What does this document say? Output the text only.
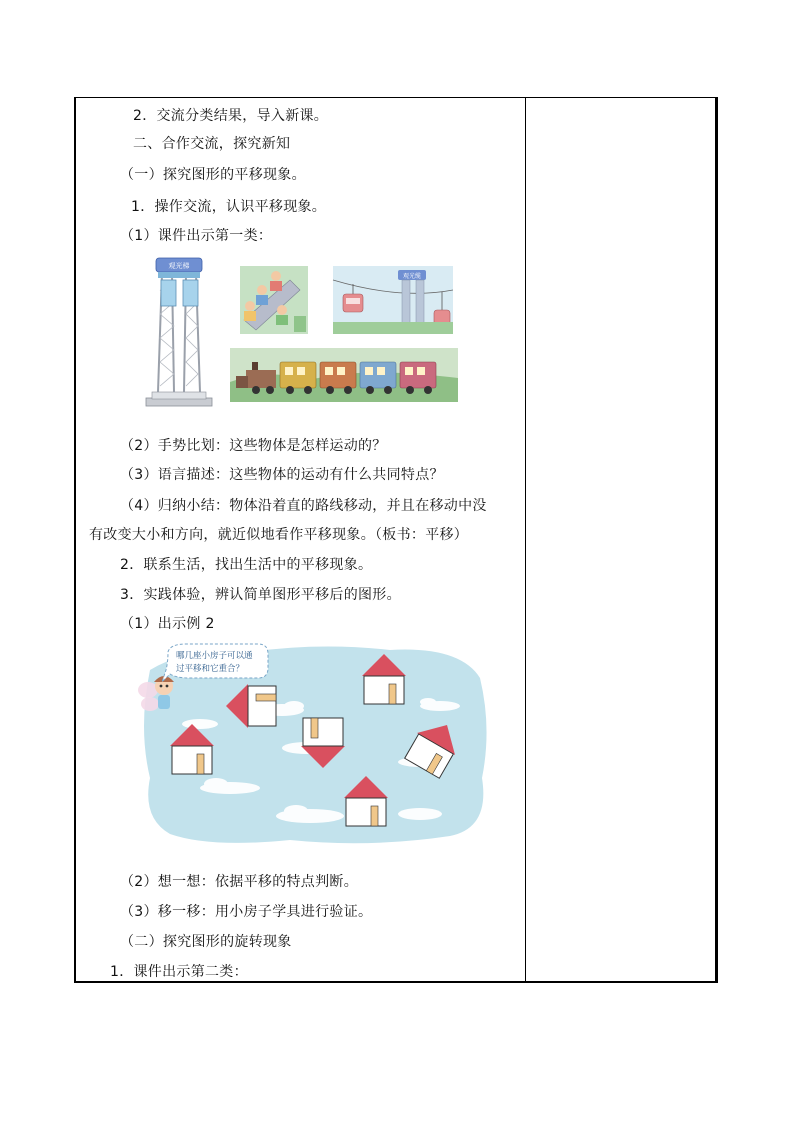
2．交流分类结果，导入新课。
二、合作交流，探究新知
（一）探究图形的平移现象。
1．操作交流，认识平移现象。
（1）课件出示第一类：
观光梯
观光缆
（2）手势比划：这些物体是怎样运动的？
（3）语言描述：这些物体的运动有什么共同特点？
（4）归纳小结：物体沿着直的路线移动，并且在移动中没
有改变大小和方向，就近似地看作平移现象。（板书：平移）
2．联系生活，找出生活中的平移现象。
3．实践体验，辨认简单图形平移后的图形。
（1）出示例 2
哪几座小房子可以通
过平移和它重合？
（2）想一想：依据平移的特点判断。
（3）移一移：用小房子学具进行验证。
（二）探究图形的旋转现象
1．课件出示第二类：
